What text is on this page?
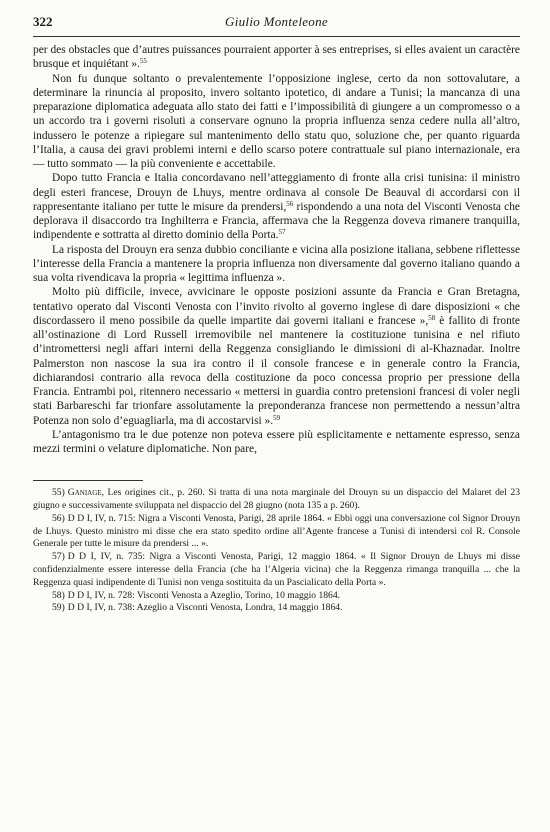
322	Giulio Monteleone

per des obstacles que d’autres puissances pourraient apporter à ses entreprises, si elles avaient un caractère brusque et inquiétant ».$^{55}$

Non fu dunque soltanto o prevalentemente l’opposizione inglese, certo da non sottovalutare, a determinare la rinuncia al proposito, invero soltanto ipotetico, di andare a Tunisi; la mancanza di una preparazione diplomatica adeguata allo stato dei fatti e l’impossibilità di giungere a un compromesso o a un accordo tra i governi risoluti a conservare ognuno la propria influenza senza cedere nulla all’altro, indussero le potenze a ripiegare sul mantenimento dello statu quo, soluzione che, per quanto riguarda l’Italia, a causa dei gravi problemi interni e dello scarso potere contrattuale sul piano internazionale, era — tutto sommato — la più conveniente e accettabile.

Dopo tutto Francia e Italia concordavano nell’atteggiamento di fronte alla crisi tunisina: il ministro degli esteri francese, Drouyn de Lhuys, mentre ordinava al console De Beauval di accordarsi con il rappresentante italiano per tutte le misure da prendersi,$^{56}$ rispondendo a una nota del Visconti Venosta che deplorava il disaccordo tra Inghilterra e Francia, affermava che la Reggenza doveva rimanere tranquilla, indipendente e sottratta al diretto dominio della Porta.$^{57}$

La risposta del Drouyn era senza dubbio conciliante e vicina alla posizione italiana, sebbene riflettesse l’interesse della Francia a mantenere la propria influenza non diversamente dal governo italiano quando a sua volta rivendicava la propria « legittima influenza ».

Molto più difficile, invece, avvicinare le opposte posizioni assunte da Francia e Gran Bretagna, tentativo operato dal Visconti Venosta con l’invito rivolto al governo inglese di dare disposizioni « che discordassero il meno possibile da quelle impartite dai governi italiani e francese »,$^{58}$ è fallito di fronte all’ostinazione di Lord Russell irremovibile nel mantenere la costituzione tunisina e nel rifiuto d’intromettersi negli affari interni della Reggenza consigliando le dimissioni di al-Khaznadar. Inoltre Palmerston non nascose la sua ira contro il il console francese e in generale contro la Francia, dichiarandosi contrario alla revoca della costituzione da poco concessa proprio per pressione della Francia. Entrambi poi, ritennero necessario « mettersi in guardia contro pretensioni francesi di voler negli stati Barbareschi far trionfare assolutamente la preponderanza francese non permettendo a nessun’altra Potenza non solo d’eguagliarla, ma di accostarvisi ».$^{59}$

L’antagonismo tra le due potenze non poteva essere più esplicitamente e nettamente espresso, senza mezzi termini o velature diplomatiche. Non pare,

55) Ganiage, Les origines cit., p. 260. Si tratta di una nota marginale del Drouyn su un dispaccio del Malaret del 23 giugno e successivamente sviluppata nel dispaccio del 28 giugno (nota 135 a p. 260).

56) D D I, IV, n. 715: Nigra a Visconti Venosta, Parigi, 28 aprile 1864. « Ebbi oggi una conversazione col Signor Drouyn de Lhuys. Questo ministro mi disse che era stato spedito ordine all’Agente francese a Tunisi di intendersi col R. Console Generale per tutte le misure da prendersi ... ».

57) D D I, IV, n. 735: Nigra a Visconti Venosta, Parigi, 12 maggio 1864. « Il Signor Drouyn de Lhuys mi disse confidenzialmente essere interesse della Francia (che ha l’Algeria vicina) che la Reggenza rimanga tranquilla ... che la Reggenza quasi indipendente di Tunisi non venga sostituita da un Pascialicato della Porta ».

58) D D I, IV, n. 728: Visconti Venosta a Azeglio, Torino, 10 maggio 1864.

59) D D I, IV, n. 738: Azeglio a Visconti Venosta, Londra, 14 maggio 1864.
